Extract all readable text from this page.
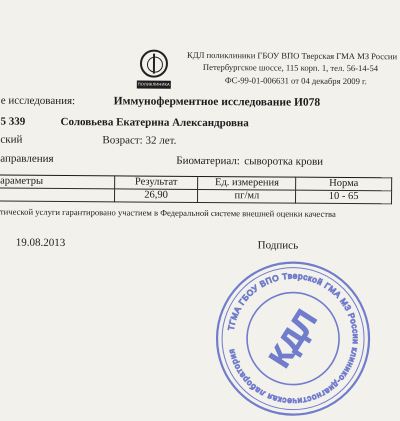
ПОЛИКЛИНИКА
КДЛ поликлиники ГБОУ ВПО Тверская ГМА МЗ России
Петербургское шоссе, 115 корп. 1, тел. 56-14-54
ФС-99-01-006631 от 04 декабря 2009 г.
е исследования:	Иммуноферментное исследование И078
5 339	Соловьева Екатерина Александровна
ский	Возраст: 32 лет.
аправления	Биоматериал: сыворотка крови
араметры	Результат	Ед. измерения	Норма
	26,90	пг/мл	10 - 65
тической услуги гарантировано участием в Федеральной системе внешней оценки качества
19.08.2013	Подпись
ТГМА ГБОУ ВПО Тверской ГМА МЗ России клинико-диагностическая лаборатория КДЛ
